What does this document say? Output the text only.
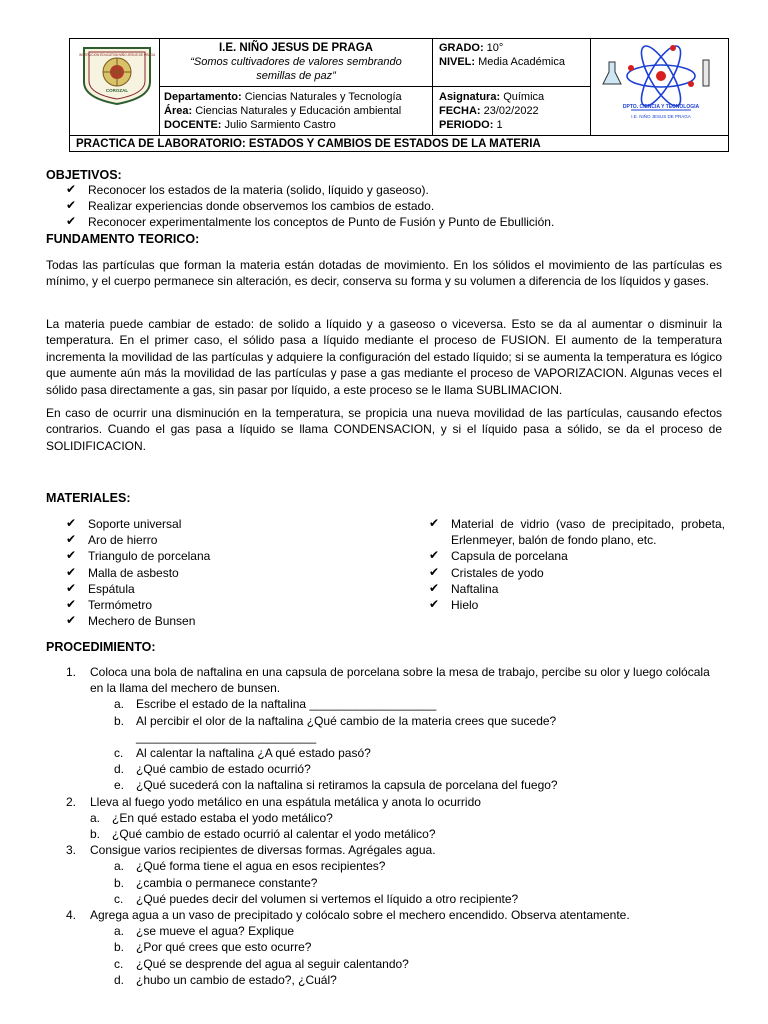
COROZAL
INSTITUCION EDUCATIVA NIÑO JESUS DE PRAGA
I.E. NIÑO JESUS DE PRAGA
“Somos cultivadores de valores sembrando
semillas de paz”
GRADO: 10°
NIVEL: Media Académica
Departamento: Ciencias Naturales y Tecnología
Área: Ciencias Naturales y Educación ambiental
DOCENTE: Julio Sarmiento Castro
Asignatura: Química
FECHA: 23/02/2022
PERIODO: 1
DPTO. CIENCIA Y TECNOLOGIA
I.E. NIÑO JESUS DE PRAGA
PRACTICA DE LABORATORIO: ESTADOS Y CAMBIOS DE ESTADOS DE LA MATERIA
OBJETIVOS:
✔ Reconocer los estados de la materia (solido, líquido y gaseoso).
✔ Realizar experiencias donde observemos los cambios de estado.
✔ Reconocer experimentalmente los conceptos de Punto de Fusión y Punto de Ebullición.
FUNDAMENTO TEORICO:
Todas las partículas que forman la materia están dotadas de movimiento. En los sólidos el movimiento de las partículas es mínimo, y el cuerpo permanece sin alteración, es decir, conserva su forma y su volumen a diferencia de los líquidos y gases.
La materia puede cambiar de estado: de solido a líquido y a gaseoso o viceversa. Esto se da al aumentar o disminuir la temperatura. En el primer caso, el sólido pasa a líquido mediante el proceso de FUSION. El aumento de la temperatura incrementa la movilidad de las partículas y adquiere la configuración del estado líquido; si se aumenta la temperatura es lógico que aumente aún más la movilidad de las partículas y pase a gas mediante el proceso de VAPORIZACION. Algunas veces el sólido pasa directamente a gas, sin pasar por líquido, a este proceso se le llama SUBLIMACION.
En caso de ocurrir una disminución en la temperatura, se propicia una nueva movilidad de las partículas, causando efectos contrarios. Cuando el gas pasa a líquido se llama CONDENSACION, y si el líquido pasa a sólido, se da el proceso de SOLIDIFICACION.
MATERIALES:
✔ Soporte universal
✔ Aro de hierro
✔ Triangulo de porcelana
✔ Malla de asbesto
✔ Espátula
✔ Termómetro
✔ Mechero de Bunsen
✔ Material de vidrio (vaso de precipitado, probeta, Erlenmeyer, balón de fondo plano, etc.
✔ Capsula de porcelana
✔ Cristales de yodo
✔ Naftalina
✔ Hielo
PROCEDIMIENTO:
1.	Coloca una bola de naftalina en una capsula de porcelana sobre la mesa de trabajo, percibe su olor y luego colócala en la llama del mechero de bunsen.
a. Escribe el estado de la naftalina ___________________
b. Al percibir el olor de la naftalina ¿Qué cambio de la materia crees que sucede? ___________________________
c.	Al calentar la naftalina ¿A qué estado pasó?
d. ¿Qué cambio de estado ocurrió?
e. ¿Qué sucederá con la naftalina si retiramos la capsula de porcelana del fuego?
2.	Lleva al fuego yodo metálico en una espátula metálica y anota lo ocurrido
a. ¿En qué estado estaba el yodo metálico?
b. ¿Qué cambio de estado ocurrió al calentar el yodo metálico?
3.	Consigue varios recipientes de diversas formas. Agrégales agua.
a. ¿Qué forma tiene el agua en esos recipientes?
b. ¿cambia o permanece constante?
c.	¿Qué puedes decir del volumen si vertemos el líquido a otro recipiente?
4.	Agrega agua a un vaso de precipitado y colócalo sobre el mechero encendido. Observa atentamente.
a. ¿se mueve el agua? Explique
b. ¿Por qué crees que esto ocurre?
c.	¿Qué se desprende del agua al seguir calentando?
d. ¿hubo un cambio de estado?, ¿Cuál?
